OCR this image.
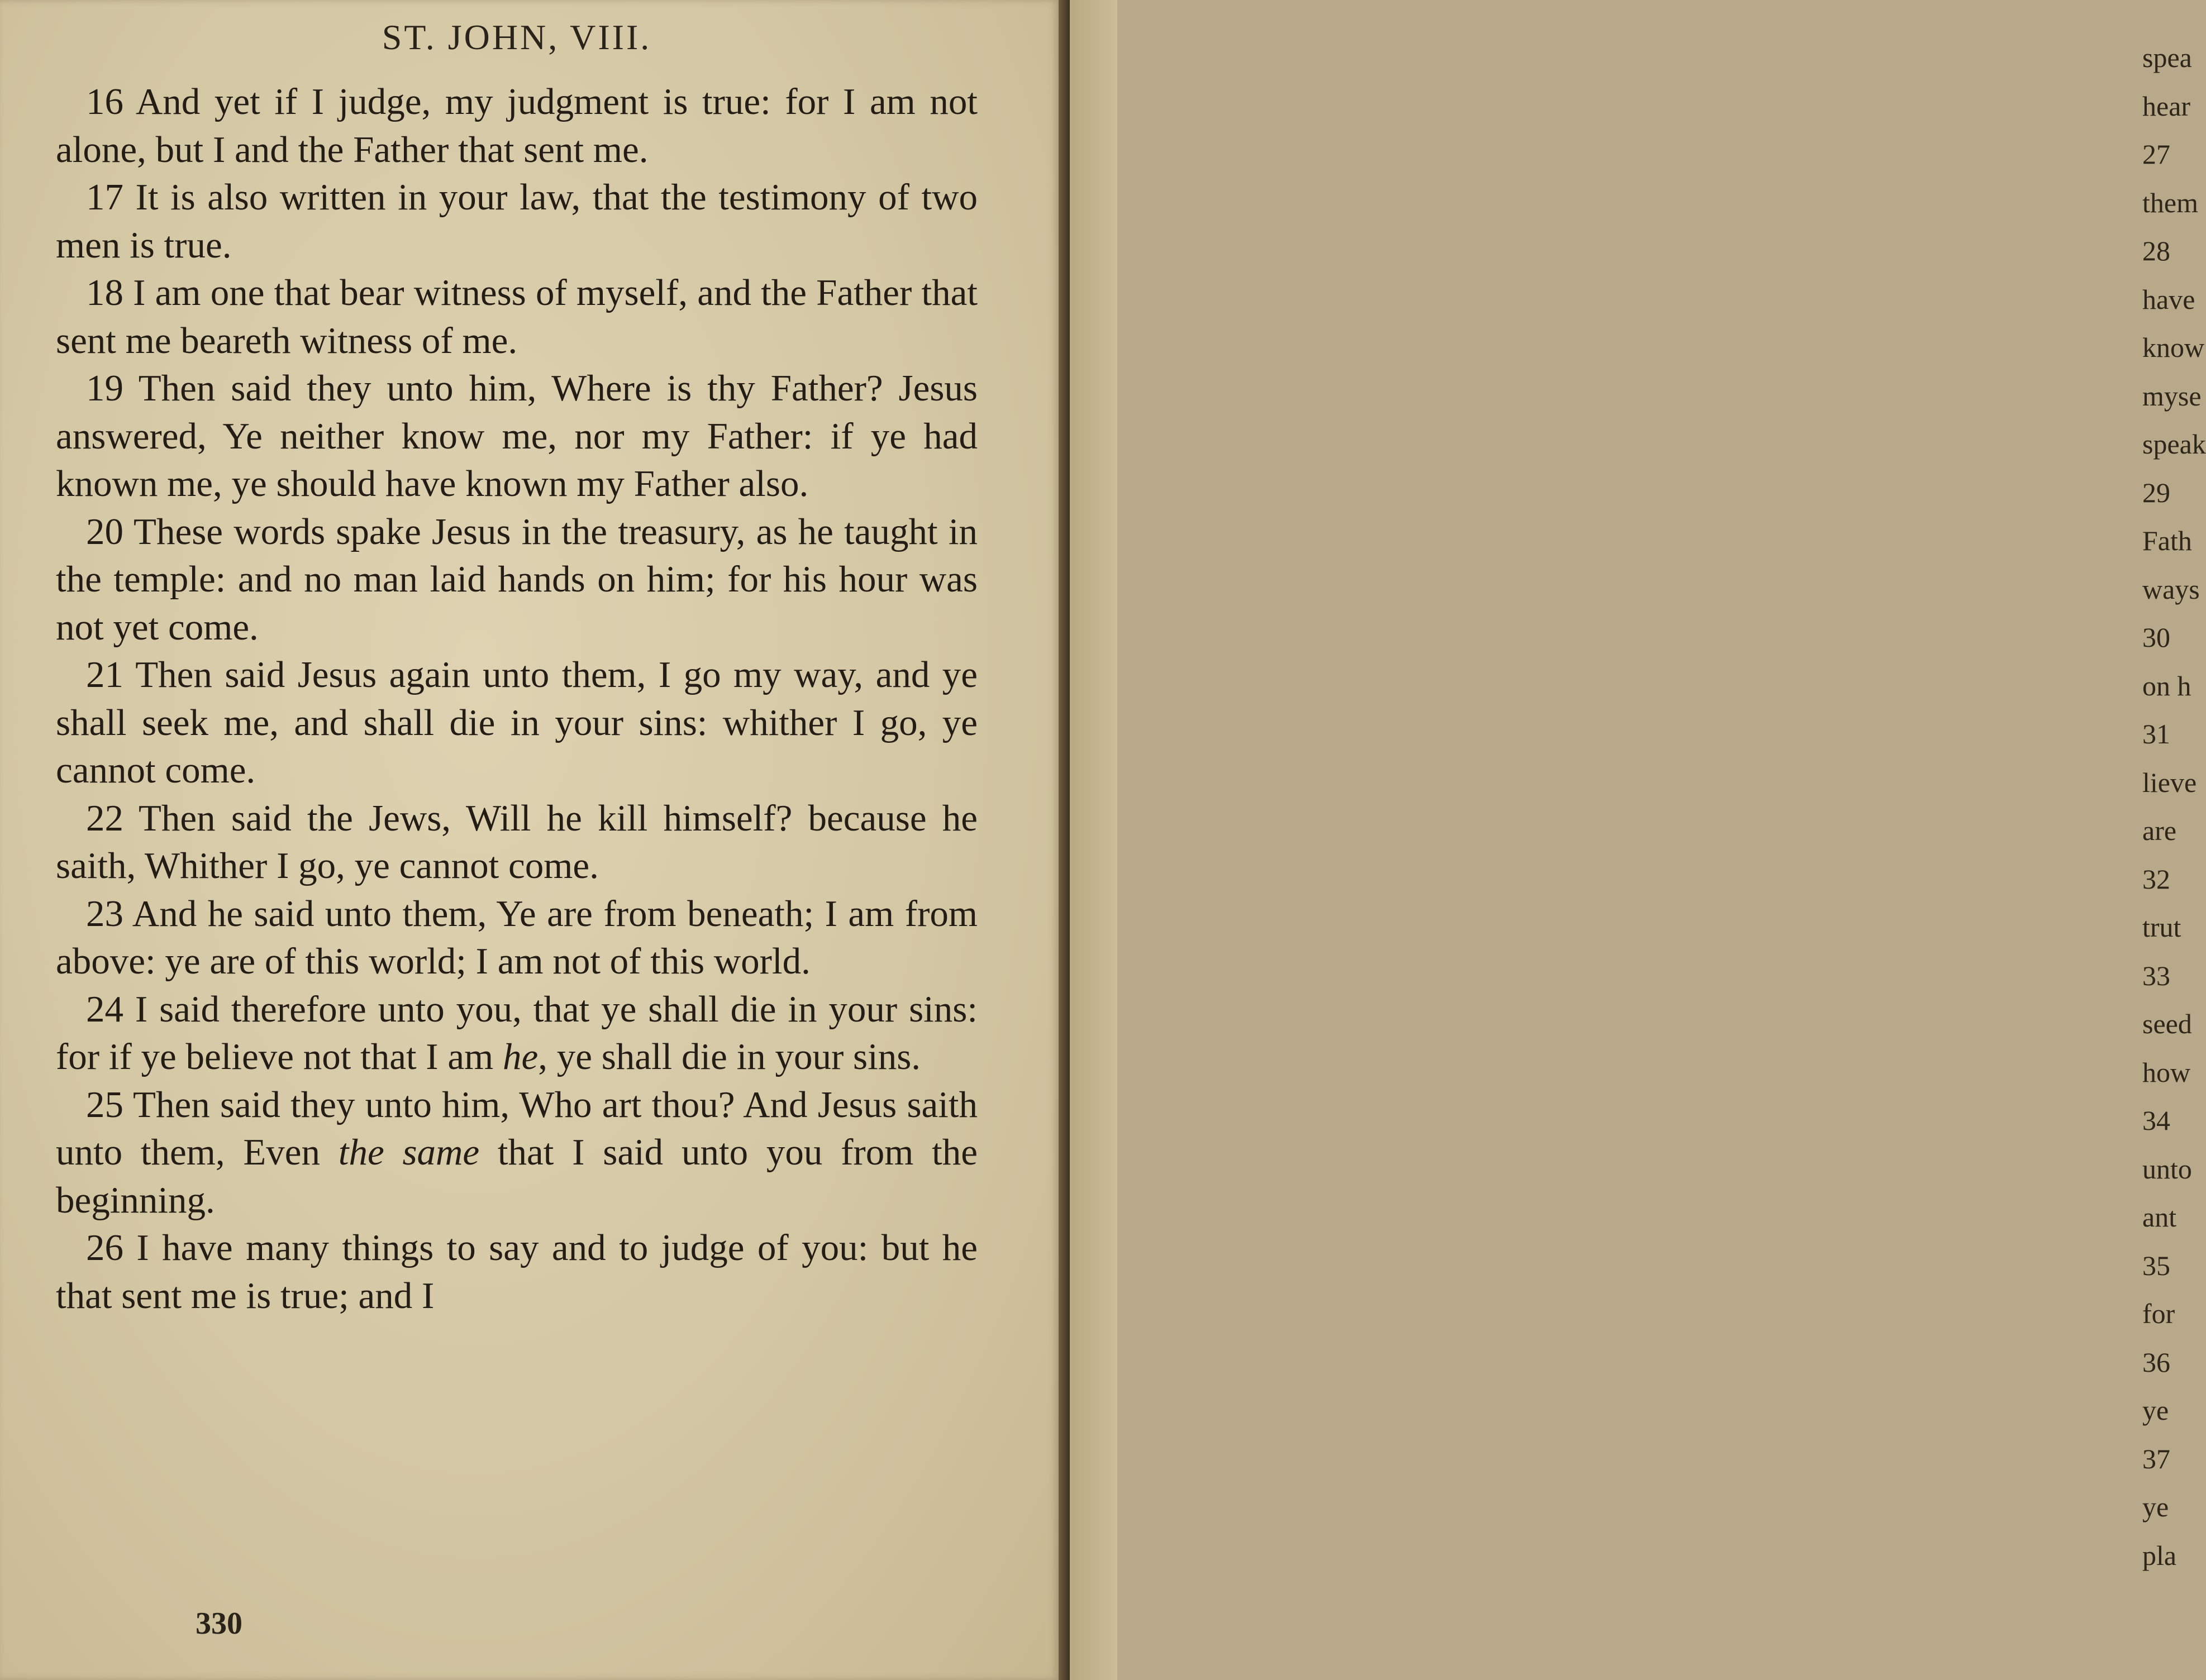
ST. JOHN, VIII.

16 And yet if I judge, my judgment is true: for I am not alone, but I and the Father that sent me.

17 It is also written in your law, that the testimony of two men is true.

18 I am one that bear witness of myself, and the Father that sent me beareth witness of me.

19 Then said they unto him, Where is thy Father? Jesus answered, Ye neither know me, nor my Father: if ye had known me, ye should have known my Father also.

20 These words spake Jesus in the treasury, as he taught in the temple: and no man laid hands on him; for his hour was not yet come.

21 Then said Jesus again unto them, I go my way, and ye shall seek me, and shall die in your sins: whither I go, ye cannot come.

22 Then said the Jews, Will he kill himself? because he saith, Whither I go, ye cannot come.

23 And he said unto them, Ye are from beneath; I am from above: ye are of this world; I am not of this world.

24 I said therefore unto you, that ye shall die in your sins: for if ye believe not that I am he, ye shall die in your sins.

25 Then said they unto him, Who art thou? And Jesus saith unto them, Even the same that I said unto you from the beginning.

26 I have many things to say and to judge of you: but he that sent me is true; and I

330
spea
hear
27
them
28
have
know
myse
speak
29
Fath
ways
30
on h
31
lieve
are
32
trut
33
seed
how
34
unto
ant
35
for
36
ye
37
ye
pla
